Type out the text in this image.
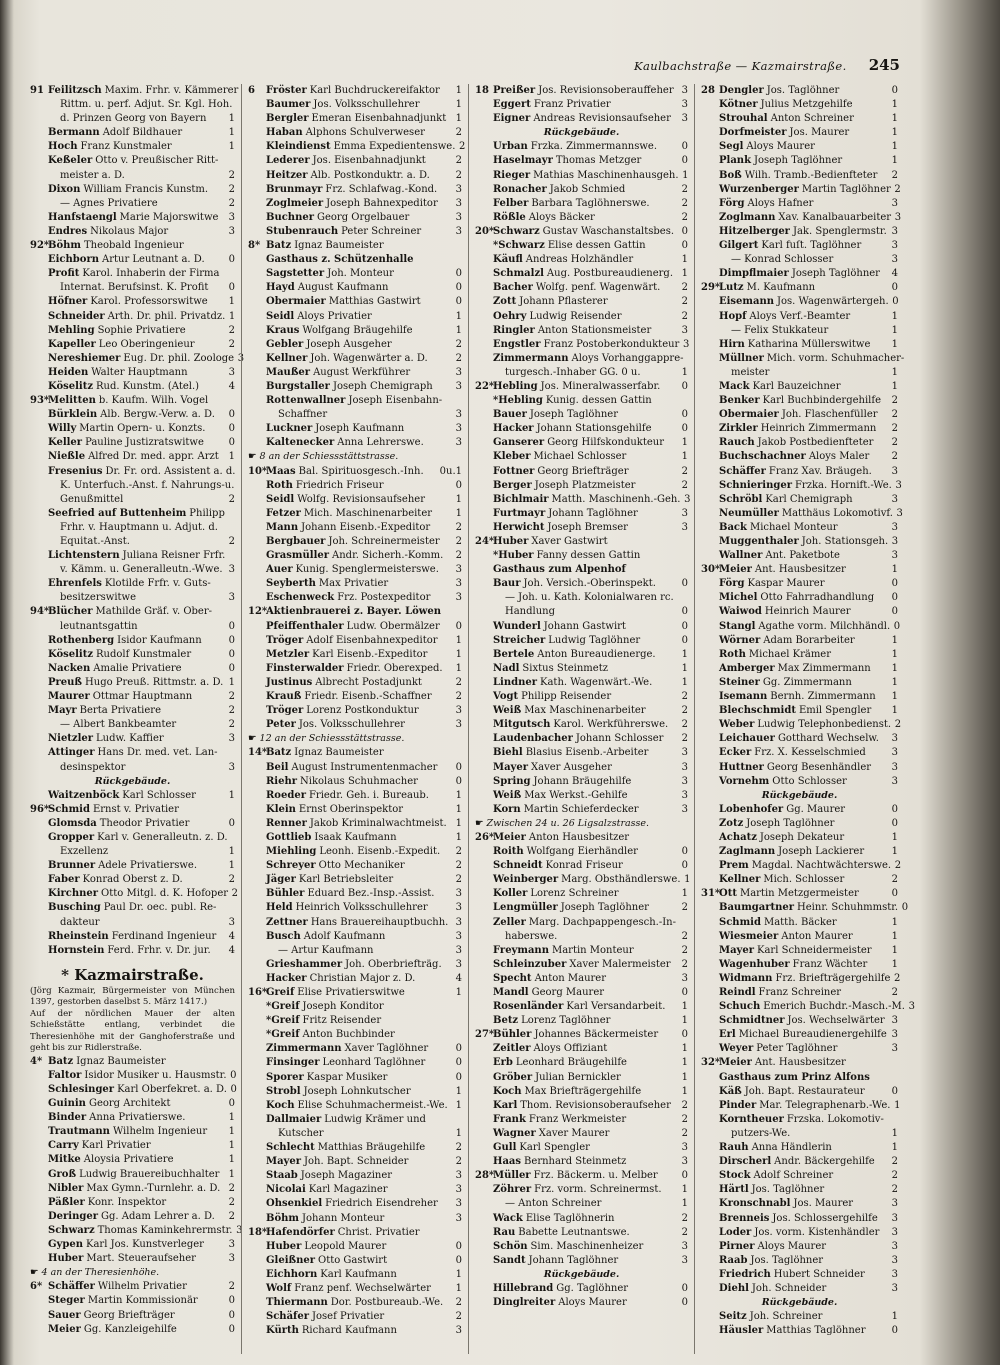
Kaulbachstraße — Kazmairstraße. 245
91 Feilitzsch Maxim. Frhr. v. Kämmerer
Rittm. u. perf. Adjut. Sr. Kgl. Hoh.
d. Prinzen Georg von Bayern	1
Bermann Adolf Bildhauer	1
Hoch Franz Kunstmaler	1
Keßeler Otto v. Preußischer Ritt-
meister a. D.	2
Dixon William Francis Kunstm.	2
— Agnes Privatiere	2
Hanfstaengl Marie Majorswitwe	3
Endres Nikolaus Major	3
92*
Böhm Theobald Ingenieur
Eichborn Artur Leutnant a. D.	0
Profit Karol. Inhaberin der Firma
Internat. Berufsinst. K. Profit	0
Höfner Karol. Professorswitwe	1
Schneider Arth. Dr. phil. Privatdz. 1
Mehling Sophie Privatiere	2
Kapeller Leo Oberingenieur	2
Nereshiemer Eug. Dr. phil. Zoologe 3
Heiden Walter Hauptmann	3
Köselitz Rud. Kunstm. (Atel.)	4
93*
Melitten b. Kaufm. Wilh. Vogel
Bürklein Alb. Bergw.-Verw. a. D.	0
Willy Martin Opern- u. Konzts.	0
Keller Pauline Justizratswitwe	0
Nießle Alfred Dr. med. appr. Arzt 1
Fresenius Dr. Fr. ord. Assistent a. d.
K. Unterfuch.-Anst. f. Nahrungs-u.
Genußmittel	2
Seefried auf Buttenheim Philipp
Frhr. v. Hauptmann u. Adjut. d.
Equitat.-Anst.	2
Lichtenstern Juliana Reisner Frfr.
v. Kämm. u. Generalleutn.-Wwe. 3
Ehrenfels Klotilde Frfr. v. Guts-
besitzerswitwe	3
94*
Blücher Mathilde Gräf. v. Ober-
leutnantsgattin	0
Rothenberg Isidor Kaufmann	0
Köselitz Rudolf Kunstmaler	0
Nacken Amalie Privatiere	0
Preuß Hugo Preuß. Rittmstr. a. D. 1
Maurer Ottmar Hauptmann	2
Mayr Berta Privatiere	2
— Albert Bankbeamter	2
Nietzler Ludw. Kaffier	3
Attinger Hans Dr. med. vet. Lan-
desinspektor	3
Rückgebäude.
Waitzenböck Karl Schlosser	1
96*
Schmid Ernst v. Privatier
Glomsda Theodor Privatier	0
Gropper Karl v. Generalleutn. z. D.
Exzellenz	1
Brunner Adele Privatierswe.	1
Faber Konrad Oberst z. D.	2
Kirchner Otto Mitgl. d. K. Hofoper 2
Busching Paul Dr. oec. publ. Re-
dakteur	3
Rheinstein Ferdinand Ingenieur	4
Hornstein Ferd. Frhr. v. Dr. jur.	4
* Kazmairstraße.
(Jörg Kazmair, Bürgermeister von München 1397, gestorben daselbst 5. März 1417.)
Auf der nördlichen Mauer der alten Schießstätte entlang, verbindet die Theresienhöhe mit der Ganghoferstraße und geht bis zur Ridlerstraße.
4* Batz Ignaz Baumeister
Faltor Isidor Musiker u. Hausmstr. 0
Schlesinger Karl Oberfekret. a. D. 0
Guinin Georg Architekt	0
Binder Anna Privatierswe.	1
Trautmann Wilhelm Ingenieur	1
Carry Karl Privatier	1
Mitke Aloysia Privatiere	1
Groß Ludwig Brauereibuchhalter 1
Nibler Max Gymn.-Turnlehr. a. D. 2
Päßler Konr. Inspektor	2
Deringer Gg. Adam Lehrer a. D.	2
Schwarz Thomas Kaminkehrermstr. 3
Gypen Karl Jos. Kunstverleger	3
Huber Mart. Steueraufseher	3
☛ 4 an der Theresienhöhe.
6* Schäffer Wilhelm Privatier	2
Steger Martin Kommissionär	0
Sauer Georg Briefträger	0
Meier Gg. Kanzleigehilfe	0
6	Fröster Karl Buchdruckereifaktor	1
Baumer Jos. Volksschullehrer	1
Bergler Emeran Eisenbahnadjunkt 1
Haban Alphons Schulverweser	2
Kleindienst Emma Expedientenswe. 2
Lederer Jos. Eisenbahnadjunkt	2
Heitzer Alb. Postkonduktr. a. D.	2
Brunmayr Frz. Schlafwag.-Kond.	3
Zoglmeier Joseph Bahnexpeditor	3
Buchner Georg Orgelbauer	3
Stubenrauch Peter Schreiner	3
8* Batz Ignaz Baumeister
Gasthaus z. Schützenhalle
Sagstetter Joh. Monteur	0
Hayd August Kaufmann	0
Obermaier Matthias Gastwirt	0
Seidl Aloys Privatier	1
Kraus Wolfgang Bräugehilfe	1
Gebler Joseph Ausgeher	2
Kellner Joh. Wagenwärter a. D.	2
Maußer August Werkführer	3
Burgstaller Joseph Chemigraph	3
Rottenwallner Joseph Eisenbahn-
Schaffner	3
Luckner Joseph Kaufmann	3
Kaltenecker Anna Lehrerswe.	3
☛ 8 an der Schiessstättstrasse.
10*
Maas Bal. Spirituosgesch.-Inh.	0u.1
Roth Friedrich Friseur	0
Seidl Wolfg. Revisionsaufseher	1
Fetzer Mich. Maschinenarbeiter	1
Mann Johann Eisenb.-Expeditor	2
Bergbauer Joh. Schreinermeister	2
Grasmüller Andr. Sicherh.-Komm.	2
Auer Kunig. Spenglermeisterswe.	3
Seyberth Max Privatier	3
Eschenweck Frz. Postexpeditor	3
12*
Aktienbrauerei z. Bayer. Löwen
Pfeiffenthaler Ludw. Obermälzer	0
Tröger Adolf Eisenbahnexpeditor	1
Metzler Karl Eisenb.-Expeditor	1
Finsterwalder Friedr. Oberexped.	1
Justinus Albrecht Postadjunkt	2
Krauß Friedr. Eisenb.-Schaffner	2
Tröger Lorenz Postkonduktur	3
Peter Jos. Volksschullehrer	3
☛ 12 an der Schiessstättstrasse.
14*
Batz Ignaz Baumeister
Beil August Instrumentenmacher	0
Riehr Nikolaus Schuhmacher	0
Roeder Friedr. Geh. i. Bureaub.	1
Klein Ernst Oberinspektor	1
Renner Jakob Kriminalwachtmeist. 1
Gottlieb Isaak Kaufmann	1
Miehling Leonh. Eisenb.-Expedit.	2
Schreyer Otto Mechaniker	2
Jäger Karl Betriebsleiter	2
Bühler Eduard Bez.-Insp.-Assist.	3
Held Heinrich Volksschullehrer	3
Zettner Hans Brauereihauptbuchh. 3
Busch Adolf Kaufmann	3
— Artur Kaufmann	3
Grieshammer Joh. Oberbriefträg.	3
Hacker Christian Major z. D.	4
16*
Greif Elise Privatierswitwe	1
*Greif Joseph Konditor
*Greif Fritz Reisender
*Greif Anton Buchbinder
Zimmermann Xaver Taglöhner	0
Finsinger Leonhard Taglöhner	0
Sporer Kaspar Musiker	0
Strobl Joseph Lohnkutscher	1
Koch Elise Schuhmachermeist.-We. 1
Dallmaier Ludwig Krämer und
Kutscher	1
Schlecht Matthias Bräugehilfe	2
Mayer Joh. Bapt. Schneider	2
Staab Joseph Magaziner	3
Nicolai Karl Magaziner	3
Ohsenkiel Friedrich Eisendreher	3
Böhm Johann Monteur	3
18*
Hafendörfer Christ. Privatier
Huber Leopold Maurer	0
Gleißner Otto Gastwirt	0
Eichhorn Karl Kaufmann	1
Wolf Franz penf. Wechselwärter	1
Thiermann Dor. Postbureaub.-We.	2
Schäfer Josef Privatier	2
Kürth Richard Kaufmann	3
18 Preißer Jos. Revisionsoberauffeher 3
Eggert Franz Privatier	3
Eigner Andreas Revisionsaufseher	3
Rückgebäude.
Urban Frzka. Zimmermannswe.	0
Haselmayr Thomas Metzger	0
Rieger Mathias Maschinenhausgeh. 1
Ronacher Jakob Schmied	2
Felber Barbara Taglöhnerswe.	2
Rößle Aloys Bäcker	2
20*
Schwarz Gustav Waschanstaltsbes. 0
*Schwarz Elise dessen Gattin	0
Käufl Andreas Holzhändler	1
Schmalzl Aug. Postbureaudienerg. 1
Bacher Wolfg. penf. Wagenwärt.	2
Zott Johann Pflasterer	2
Oehry Ludwig Reisender	2
Ringler Anton Stationsmeister	3
Engstler Franz Postoberkondukteur 3
Zimmermann Aloys Vorhanggappre-
turgesch.-Inhaber GG. 0 u.	1
22*
Hebling Jos. Mineralwasserfabr.	0
*Hebling Kunig. dessen Gattin
Bauer Joseph Taglöhner	0
Hacker Johann Stationsgehilfe	0
Ganserer Georg Hilfskondukteur	1
Kleber Michael Schlosser	1
Fottner Georg Briefträger	2
Berger Joseph Platzmeister	2
Bichlmair Matth. Maschinenh.-Geh. 3
Furtmayr Johann Taglöhner	3
Herwicht Joseph Bremser	3
24*
Huber Xaver Gastwirt
*Huber Fanny dessen Gattin
Gasthaus zum Alpenhof
Baur Joh. Versich.-Oberinspekt.	0
— Joh. u. Kath. Kolonialwaren rc.
Handlung	0
Wunderl Johann Gastwirt	0
Streicher Ludwig Taglöhner	0
Bertele Anton Bureaudienerge.	1
Nadl Sixtus Steinmetz	1
Lindner Kath. Wagenwärt.-We.	1
Vogt Philipp Reisender	2
Weiß Max Maschinenarbeiter	2
Mitgutsch Karol. Werkführerswe.	2
Laudenbacher Johann Schlosser	2
Biehl Blasius Eisenb.-Arbeiter	3
Mayer Xaver Ausgeher	3
Spring Johann Bräugehilfe	3
Weiß Max Werkst.-Gehilfe	3
Korn Martin Schieferdecker	3
☛ Zwischen 24 u. 26 Ligsalzstrasse.
26*
Meier Anton Hausbesitzer
Roith Wolfgang Eierhändler	0
Schneidt Konrad Friseur	0
Weinberger Marg. Obsthändlerswe. 1
Koller Lorenz Schreiner	1
Lengmüller Joseph Taglöhner	2
Zeller Marg. Dachpappengesch.-In-
haberswe.	2
Freymann Martin Monteur	2
Schleinzuber Xaver Malermeister	2
Specht Anton Maurer	3
Mandl Georg Maurer	0
Rosenländer Karl Versandarbeit.	1
Betz Lorenz Taglöhner	1
27*
Bühler Johannes Bäckermeister	0
Zeitler Aloys Offiziant	1
Erb Leonhard Bräugehilfe	1
Gröber Julian Bernickler	1
Koch Max Briefträgergehilfe	1
Karl Thom. Revisionsoberaufseher	2
Frank Franz Werkmeister	2
Wagner Xaver Maurer	2
Gull Karl Spengler	3
Haas Bernhard Steinmetz	3
28*
Müller Frz. Bäckerm. u. Melber	0
Zöhrer Frz. vorm. Schreinermst.	1
— Anton Schreiner	1
Wack Elise Taglöhnerin	2
Rau Babette Leutnantswe.	2
Schön Sim. Maschinenheizer	3
Sandt Johann Taglöhner	3
Rückgebäude.
Hillebrand Gg. Taglöhner	0
Dinglreiter Aloys Maurer	0
28 Dengler Jos. Taglöhner	0
Kötner Julius Metzgehilfe	1
Strouhal Anton Schreiner	1
Dorfmeister Jos. Maurer	1
Segl Aloys Maurer	1
Plank Joseph Taglöhner	1
Boß Wilh. Tramb.-Bedienfteter	2
Wurzenberger Martin Taglöhner 2
Förg Aloys Hafner	3
Zoglmann Xav. Kanalbauarbeiter 3
Hitzelberger Jak. Spenglermstr. 3
Gilgert Karl fuſt. Taglöhner	3
— Konrad Schlosser	3
Dimpflmaier Joseph Taglöhner	4
29*
Lutz M. Kaufmann	0
Eisemann Jos. Wagenwärtergeh. 0
Hopf Aloys Verf.-Beamter	1
— Felix Stukkateur	1
Hirn Katharina Müllerswitwe	1
Müllner Mich. vorm. Schuhmacher-
meister	1
Mack Karl Bauzeichner	1
Benker Karl Buchbindergehilfe	2
Obermaier Joh. Flaschenfüller	2
Zirkler Heinrich Zimmermann	2
Rauch Jakob Postbedienfteter	2
Buchschachner Aloys Maler	2
Schäffer Franz Xav. Bräugeh.	3
Schnieringer Frzka. Hornift.-We. 3
Schröbl Karl Chemigraph	3
Neumüller Matthäus Lokomotivf. 3
Back Michael Monteur	3
Muggenthaler Joh. Stationsgeh. 3
Wallner Ant. Paketbote	3
30*
Meier Ant. Hausbesitzer	1
Förg Kaspar Maurer	0
Michel Otto Fahrradhandlung	0
Waiwod Heinrich Maurer	0
Stangl Agathe vorm. Milchhändl. 0
Wörner Adam Borarbeiter	1
Roth Michael Krämer	1
Amberger Max Zimmermann	1
Steiner Gg. Zimmermann	1
Isemann Bernh. Zimmermann	1
Blechschmidt Emil Spengler	1
Weber Ludwig Telephonbedienst. 2
Leichauer Gotthard Wechselw.	3
Ecker Frz. X. Kesselschmied	3
Huttner Georg Besenhändler	3
Vornehm Otto Schlosser	3
Rückgebäude.
Lobenhofer Gg. Maurer	0
Zotz Joseph Taglöhner	0
Achatz Joseph Dekateur	1
Zaglmann Joseph Lackierer	1
Prem Magdal. Nachtwächterswe. 2
Kellner Mich. Schlosser	2
31*
Ott Martin Metzgermeister	0
Baumgartner Heinr. Schuhmmstr. 0
Schmid Matth. Bäcker	1
Wiesmeier Anton Maurer	1
Mayer Karl Schneidermeister	1
Wagenhuber Franz Wächter	1
Widmann Frz. Briefträgergehilfe 2
Reindl Franz Schreiner	2
Schuch Emerich Buchdr.-Masch.-M. 3
Schmidtner Jos. Wechselwärter 3
Erl Michael Bureaudienergehilfe 3
Weyer Peter Taglöhner	3
32*
Meier Ant. Hausbesitzer
Gasthaus zum Prinz Alfons
Käß Joh. Bapt. Restaurateur	0
Pinder Mar. Telegraphenarb.-We. 1
Korntheuer Frzska. Lokomotiv-
putzers-We.	1
Rauh Anna Händlerin	1
Dirscherl Andr. Bäckergehilfe	2
Stock Adolf Schreiner	2
Härtl Jos. Taglöhner	2
Kronschnabl Jos. Maurer	3
Brenneis Jos. Schlossergehilfe	3
Loder Jos. vorm. Kistenhändler	3
Pirner Aloys Maurer	3
Raab Jos. Taglöhner	3
Friedrich Hubert Schneider	3
Diehl Joh. Schneider	3
Rückgebäude.
Seitz Joh. Schreiner	1
Häusler Matthias Taglöhner	0
